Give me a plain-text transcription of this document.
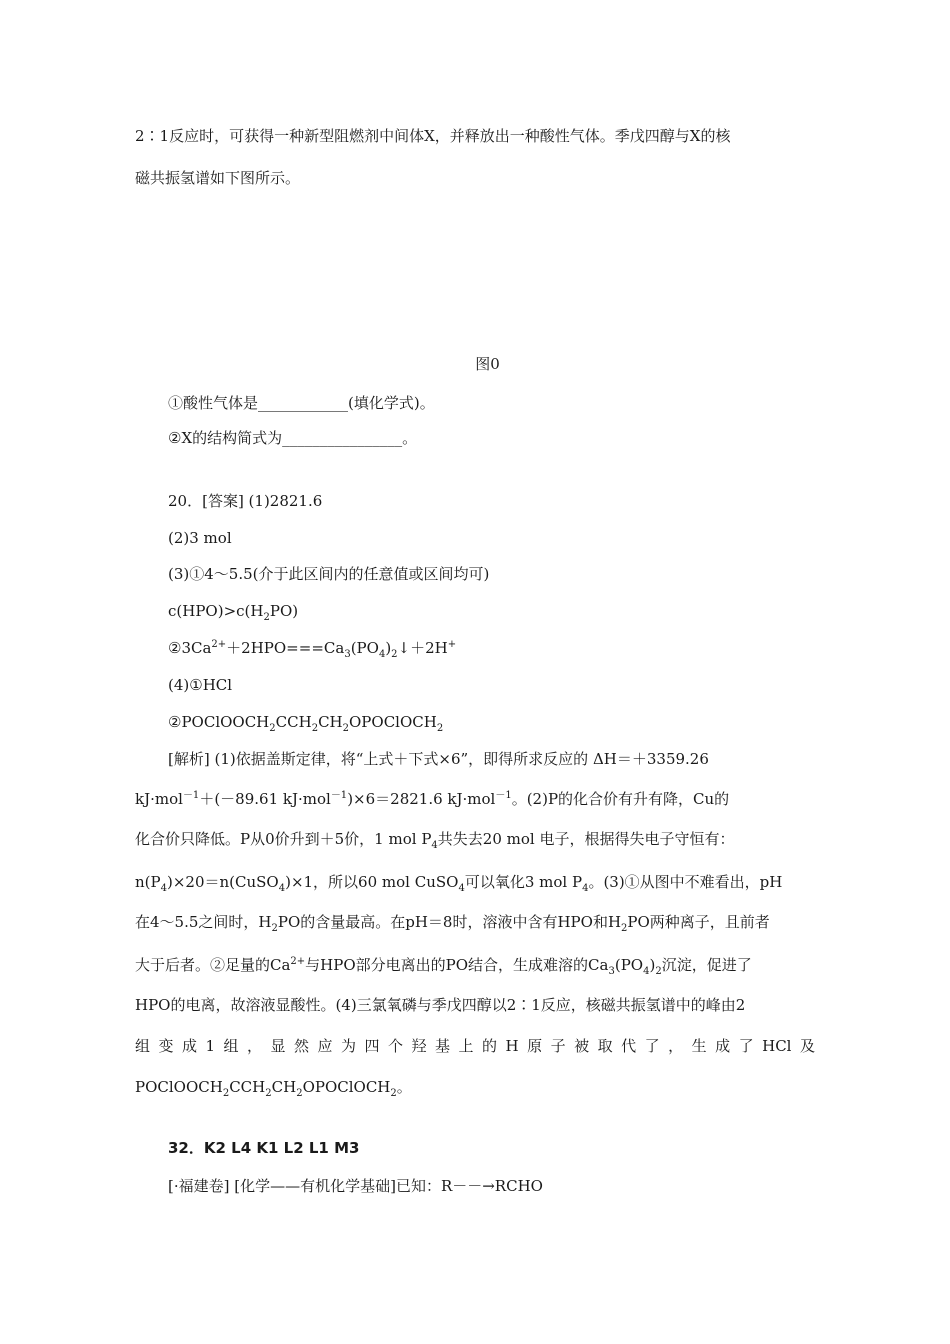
2∶1反应时，可获得一种新型阻燃剂中间体X，并释放出一种酸性气体。季戊四醇与X的核
磁共振氢谱如下图所示。
图0
①酸性气体是____________(填化学式)。
②X的结构简式为________________。
20．[答案] (1)2821.6
(2)3 mol
(3)①4～5.5(介于此区间内的任意值或区间均可)
$c(HPO)>c(H_2PO)$
$②3Ca^{2+}+2HPO===Ca_3(PO_4)_2↓+2H^+$
(4)①HCl
$②POClOOCH_2CCH_2CH_2OPOClOCH_2$
[解析] (1)依据盖斯定律，将“上式＋下式×6”，即得所求反应的 ΔH＝＋3359.26
kJ·mol$^{-1}$＋(－89.61 kJ·mol$^{-1}$)×6＝2821.6 kJ·mol$^{-1}$。(2)P的化合价有升有降，Cu的
化合价只降低。P从0价升到＋5价，1 mol $P_4$共失去20 mol 电子，根据得失电子守恒有：
$n(P_4)\times 20=n(CuSO_4)\times 1$，所以60 mol CuSO$_4$可以氧化3 mol $P_4$。(3)①从图中不难看出，pH
在4～5.5之间时，$H_2PO$的含量最高。在pH＝8时，溶液中含有HPO和$H_2PO$两种离子，且前者
大于后者。②足量的$Ca^{2+}$与HPO部分电离出的PO结合，生成难溶的$Ca_3(PO_4)_2$沉淀，促进了
HPO的电离，故溶液显酸性。(4)三氯氧磷与季戊四醇以2∶1反应，核磁共振氢谱中的峰由2
组 变 成 1 组 ， 显 然 应 为 四 个 羟 基 上 的 H 原 子 被 取 代 了 ， 生 成 了 HCl 及
$POClOOCH_2CCH_2CH_2OPOClOCH_2$。
32．K2 L4 K1 L2 L1 M3
[·福建卷] [化学——有机化学基础]已知：R－－→RCHO
